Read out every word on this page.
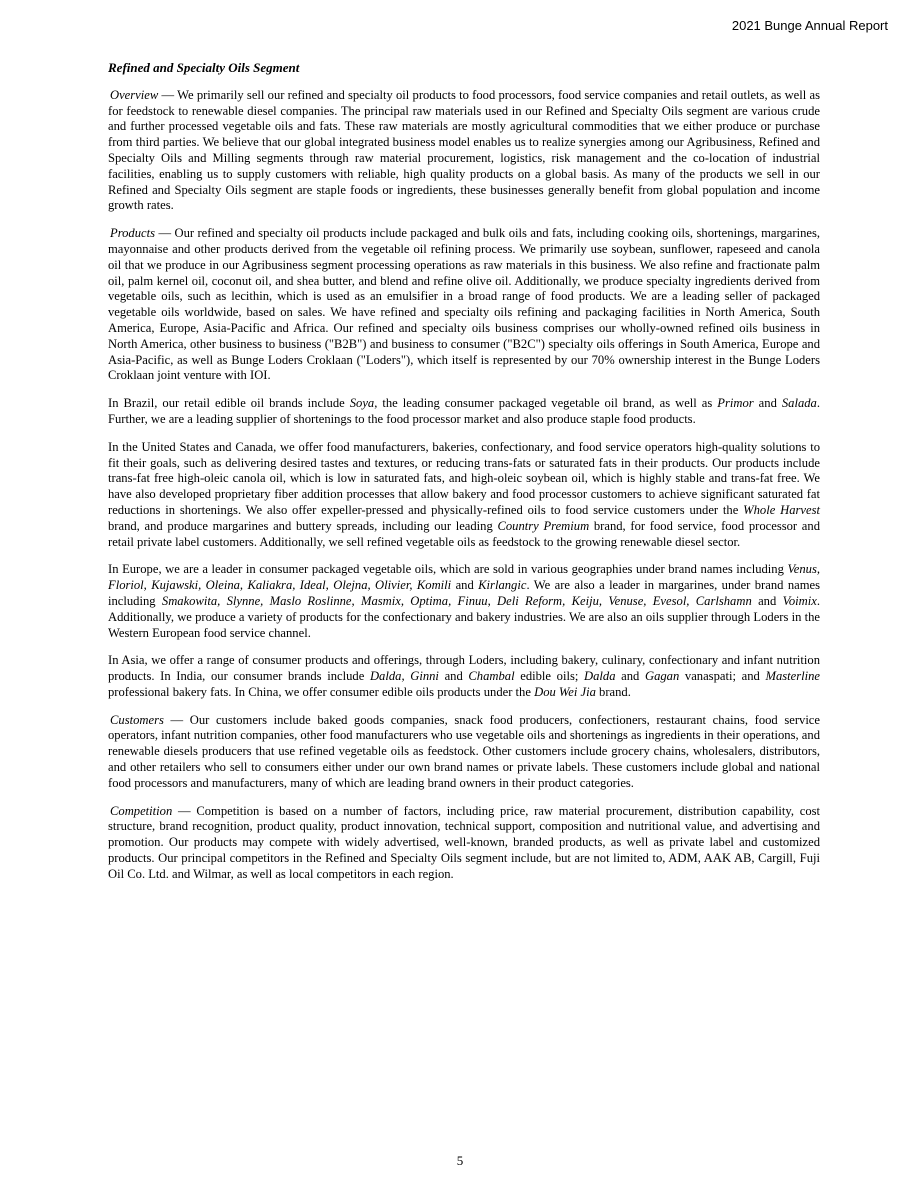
2021 Bunge Annual Report
Refined and Specialty Oils Segment
Overview — We primarily sell our refined and specialty oil products to food processors, food service companies and retail outlets, as well as for feedstock to renewable diesel companies. The principal raw materials used in our Refined and Specialty Oils segment are various crude and further processed vegetable oils and fats. These raw materials are mostly agricultural commodities that we either produce or purchase from third parties. We believe that our global integrated business model enables us to realize synergies among our Agribusiness, Refined and Specialty Oils and Milling segments through raw material procurement, logistics, risk management and the co-location of industrial facilities, enabling us to supply customers with reliable, high quality products on a global basis. As many of the products we sell in our Refined and Specialty Oils segment are staple foods or ingredients, these businesses generally benefit from global population and income growth rates.
Products — Our refined and specialty oil products include packaged and bulk oils and fats, including cooking oils, shortenings, margarines, mayonnaise and other products derived from the vegetable oil refining process. We primarily use soybean, sunflower, rapeseed and canola oil that we produce in our Agribusiness segment processing operations as raw materials in this business. We also refine and fractionate palm oil, palm kernel oil, coconut oil, and shea butter, and blend and refine olive oil. Additionally, we produce specialty ingredients derived from vegetable oils, such as lecithin, which is used as an emulsifier in a broad range of food products. We are a leading seller of packaged vegetable oils worldwide, based on sales. We have refined and specialty oils refining and packaging facilities in North America, South America, Europe, Asia-Pacific and Africa. Our refined and specialty oils business comprises our wholly-owned refined oils business in North America, other business to business ("B2B") and business to consumer ("B2C") specialty oils offerings in South America, Europe and Asia-Pacific, as well as Bunge Loders Croklaan ("Loders"), which itself is represented by our 70% ownership interest in the Bunge Loders Croklaan joint venture with IOI.
In Brazil, our retail edible oil brands include Soya, the leading consumer packaged vegetable oil brand, as well as Primor and Salada. Further, we are a leading supplier of shortenings to the food processor market and also produce staple food products.
In the United States and Canada, we offer food manufacturers, bakeries, confectionary, and food service operators high-quality solutions to fit their goals, such as delivering desired tastes and textures, or reducing trans-fats or saturated fats in their products. Our products include trans-fat free high-oleic canola oil, which is low in saturated fats, and high-oleic soybean oil, which is highly stable and trans-fat free. We have also developed proprietary fiber addition processes that allow bakery and food processor customers to achieve significant saturated fat reductions in shortenings. We also offer expeller-pressed and physically-refined oils to food service customers under the Whole Harvest brand, and produce margarines and buttery spreads, including our leading Country Premium brand, for food service, food processor and retail private label customers. Additionally, we sell refined vegetable oils as feedstock to the growing renewable diesel sector.
In Europe, we are a leader in consumer packaged vegetable oils, which are sold in various geographies under brand names including Venus, Floriol, Kujawski, Oleina, Kaliakra, Ideal, Olejna, Olivier, Komili and Kirlangic. We are also a leader in margarines, under brand names including Smakowita, Slynne, Maslo Roslinne, Masmix, Optima, Finuu, Deli Reform, Keiju, Venuse, Evesol, Carlshamn and Voimix. Additionally, we produce a variety of products for the confectionary and bakery industries. We are also an oils supplier through Loders in the Western European food service channel.
In Asia, we offer a range of consumer products and offerings, through Loders, including bakery, culinary, confectionary and infant nutrition products. In India, our consumer brands include Dalda, Ginni and Chambal edible oils; Dalda and Gagan vanaspati; and Masterline professional bakery fats. In China, we offer consumer edible oils products under the Dou Wei Jia brand.
Customers — Our customers include baked goods companies, snack food producers, confectioners, restaurant chains, food service operators, infant nutrition companies, other food manufacturers who use vegetable oils and shortenings as ingredients in their operations, and renewable diesels producers that use refined vegetable oils as feedstock. Other customers include grocery chains, wholesalers, distributors, and other retailers who sell to consumers either under our own brand names or private labels. These customers include global and national food processors and manufacturers, many of which are leading brand owners in their product categories.
Competition — Competition is based on a number of factors, including price, raw material procurement, distribution capability, cost structure, brand recognition, product quality, product innovation, technical support, composition and nutritional value, and advertising and promotion. Our products may compete with widely advertised, well-known, branded products, as well as private label and customized products. Our principal competitors in the Refined and Specialty Oils segment include, but are not limited to, ADM, AAK AB, Cargill, Fuji Oil Co. Ltd. and Wilmar, as well as local competitors in each region.
5
